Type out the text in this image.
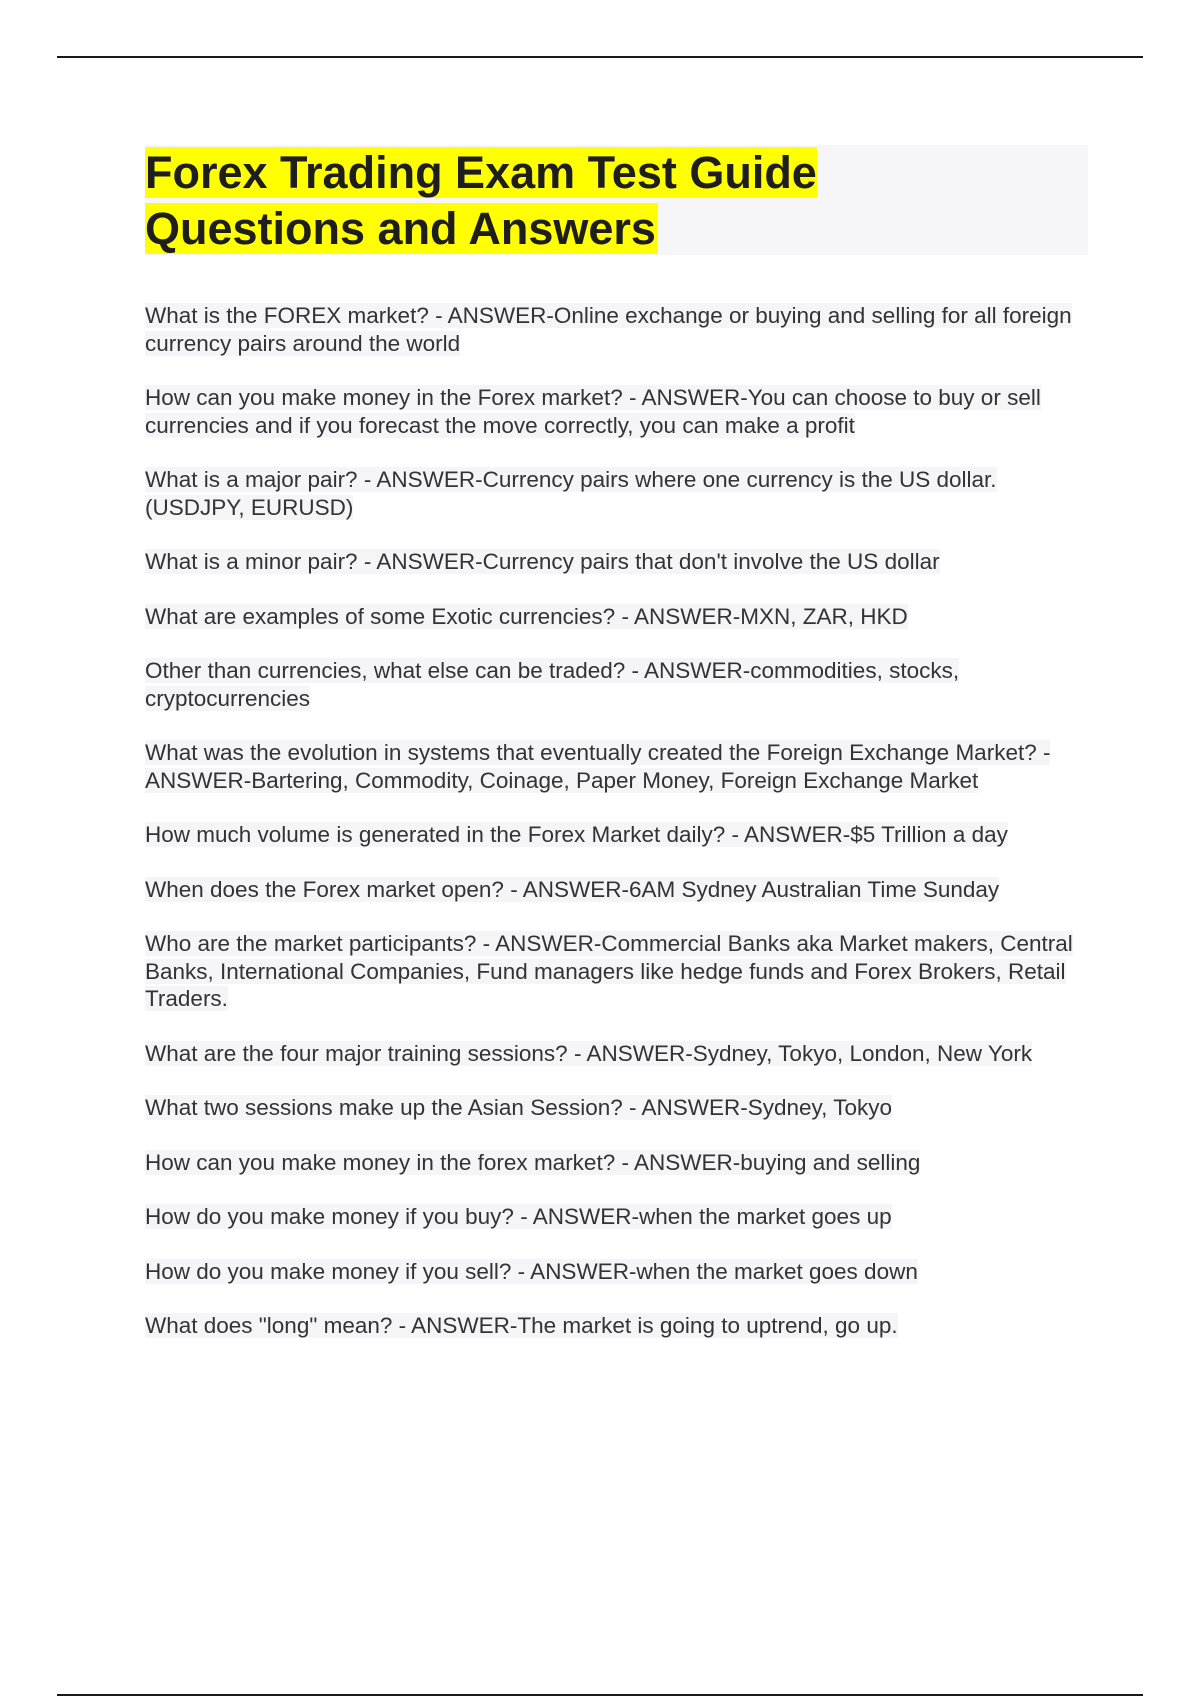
Forex Trading Exam Test Guide Questions and Answers
What is the FOREX market? - ANSWER-Online exchange or buying and selling for all foreign currency pairs around the world
How can you make money in the Forex market? - ANSWER-You can choose to buy or sell currencies and if you forecast the move correctly, you can make a profit
What is a major pair? - ANSWER-Currency pairs where one currency is the US dollar. (USDJPY, EURUSD)
What is a minor pair? - ANSWER-Currency pairs that don't involve the US dollar
What are examples of some Exotic currencies? - ANSWER-MXN, ZAR, HKD
Other than currencies, what else can be traded? - ANSWER-commodities, stocks, cryptocurrencies
What was the evolution in systems that eventually created the Foreign Exchange Market? - ANSWER-Bartering, Commodity, Coinage, Paper Money, Foreign Exchange Market
How much volume is generated in the Forex Market daily? - ANSWER-$5 Trillion a day
When does the Forex market open? - ANSWER-6AM Sydney Australian Time Sunday
Who are the market participants? - ANSWER-Commercial Banks aka Market makers, Central Banks, International Companies, Fund managers like hedge funds and Forex Brokers, Retail Traders.
What are the four major training sessions? - ANSWER-Sydney, Tokyo, London, New York
What two sessions make up the Asian Session? - ANSWER-Sydney, Tokyo
How can you make money in the forex market? - ANSWER-buying and selling
How do you make money if you buy? - ANSWER-when the market goes up
How do you make money if you sell? - ANSWER-when the market goes down
What does "long" mean? - ANSWER-The market is going to uptrend, go up.
